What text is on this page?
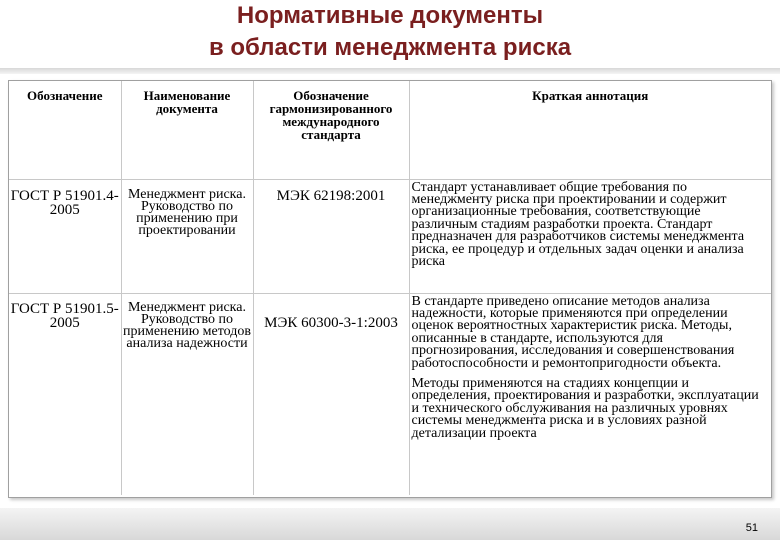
Нормативные документы
в области менеджмента риска
Обозначение	Наименование документа	Обозначение гармонизированного международного стандарта	Краткая аннотация
ГОСТ Р 51901.4-2005	Менеджмент риска. Руководство по применению при проектировании	МЭК 62198:2001	Стандарт устанавливает общие требования по менеджменту риска при проектировании и содержит организационные требования, соответствующие различным стадиям разработки проекта. Стандарт предназначен для разработчиков системы менеджмента риска, ее процедур и отдельных задач оценки и анализа риска

ГОСТ Р 51901.5-2005	Менеджмент риска. Руководство по применению методов анализа надежности	МЭК 60300-3-1:2003	В стандарте приведено описание методов анализа надежности, которые применяются при определении оценок вероятностных характеристик риска. Методы, описанные в стандарте, используются для прогнозирования, исследования и совершенствования работоспособности и ремонтопригодности объекта.
Методы применяются на стадиях концепции и определения, проектирования и разработки, эксплуатации и технического обслуживания на различных уровнях системы менеджмента риска и в условиях разной детализации проекта
51
